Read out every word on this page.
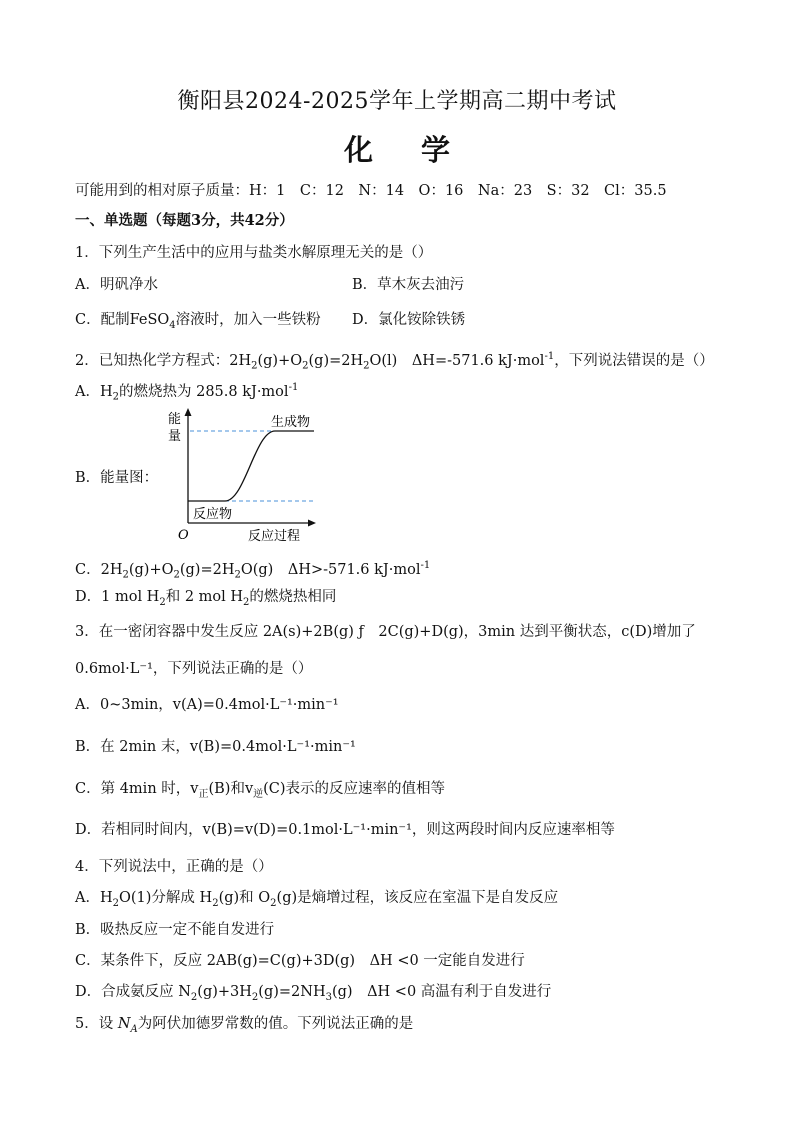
衡阳县2024-2025学年上学期高二期中考试
化 学
可能用到的相对原子质量：H：1　C：12　N：14　O：16　Na：23　S：32　Cl：35.5
一、单选题（每题3分，共42分）
1．下列生产生活中的应用与盐类水解原理无关的是（）
A．明矾净水	B．草木灰去油污
C．配制FeSO$_4$溶液时，加入一些铁粉 D．氯化铵除铁锈
2．已知热化学方程式：$2H_2(g)+O_2(g)=2H_2O(l)$　ΔH=-571.6 kJ·mol$^{-1}$，下列说法错误的是（）
A．$H_2$的燃烧热为 285.8 kJ·mol$^{-1}$
B．能量图：
能
量
生成物
反应物
O	反应过程
C．$2H_2(g)+O_2(g)=2H_2O(g)$　ΔH>-571.6 kJ·mol$^{-1}$
D．1 mol $H_2$和 2 mol $H_2$的燃烧热相同
3．在一密闭容器中发生反应 2A(s)+2B(g) ƒ　2C(g)+D(g)，3min 达到平衡状态，c(D)增加了
0.6mol·L⁻¹，下列说法正确的是（）
A．0~3min，v(A)=0.4mol·L⁻¹·min⁻¹
B．在 2min 末，v(B)=0.4mol·L⁻¹·min⁻¹
C．第 4min 时，$v_正(B)$和$v_逆(C)$表示的反应速率的值相等
D．若相同时间内，v(B)=v(D)=0.1mol·L⁻¹·min⁻¹，则这两段时间内反应速率相等
4．下列说法中，正确的是（）
A．$H_2O(1)$分解成 $H_2(g)$和 $O_2(g)$是熵增过程，该反应在室温下是自发反应
B．吸热反应一定不能自发进行
C．某条件下，反应 2AB(g)=C(g)+3D(g)　ΔH <0 一定能自发进行
D．合成氨反应 $N_2(g)+3H_2(g)=2NH_3(g)$　ΔH <0 高温有利于自发进行
5．设 $N_A$为阿伏加德罗常数的值。下列说法正确的是
